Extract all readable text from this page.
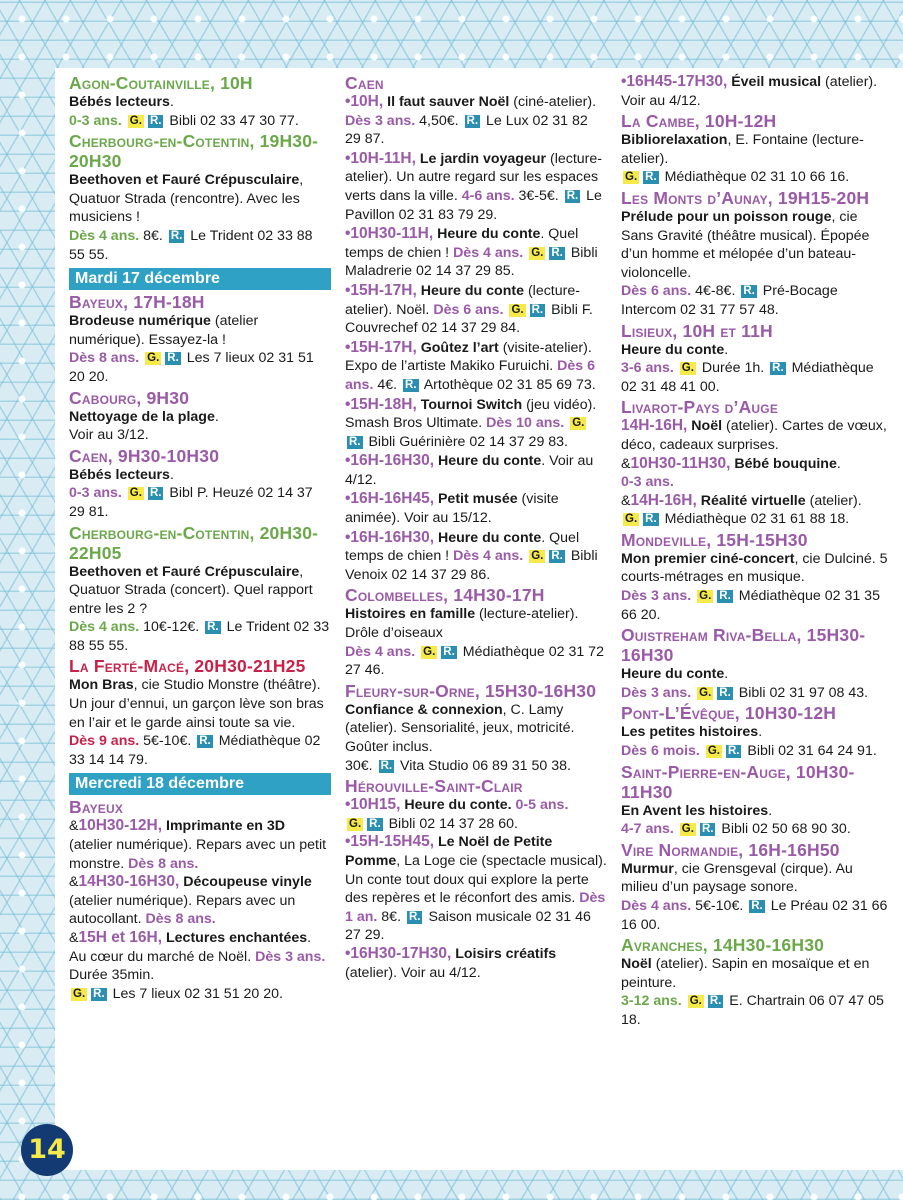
Agon-Coutainville, 10H
Bébés lecteurs.
0-3 ans. G. R. Bibli 02 33 47 30 77.
Cherbourg-en-Cotentin, 19H30-20H30
Beethoven et Fauré Crépusculaire, Quatuor Strada (rencontre). Avec les musiciens !
Dès 4 ans. 8€. R. Le Trident 02 33 88 55 55.
Mardi 17 décembre
Bayeux, 17H-18H
Brodeuse numérique (atelier numérique). Essayez-la !
Dès 8 ans. G. R. Les 7 lieux 02 31 51 20 20.
Cabourg, 9H30
Nettoyage de la plage.
Voir au 3/12.
Caen, 9H30-10H30
Bébés lecteurs.
0-3 ans. G. R. Bibl P. Heuzé 02 14 37 29 81.
Cherbourg-en-Cotentin, 20H30-22H05
Beethoven et Fauré Crépusculaire, Quatuor Strada (concert). Quel rapport entre les 2 ?
Dès 4 ans. 10€-12€. R. Le Trident 02 33 88 55 55.
La Ferté-Macé, 20H30-21H25
Mon Bras, cie Studio Monstre (théâtre). Un jour d’ennui, un garçon lève son bras en l’air et le garde ainsi toute sa vie.
Dès 9 ans. 5€-10€. R. Médiathèque 02 33 14 14 79.
Mercredi 18 décembre
Bayeux
&10H30-12H, Imprimante en 3D (atelier numérique). Repars avec un petit monstre. Dès 8 ans.
&14H30-16H30, Découpeuse vinyle (atelier numérique). Repars avec un autocollant. Dès 8 ans.
&15H et 16H, Lectures enchantées. Au cœur du marché de Noël. Dès 3 ans. Durée 35min.
G. R. Les 7 lieux 02 31 51 20 20.
Caen
•10H, Il faut sauver Noël (ciné-atelier). Dès 3 ans. 4,50€. R. Le Lux 02 31 82 29 87.
•10H-11H, Le jardin voyageur (lecture-atelier). Un autre regard sur les espaces verts dans la ville. 4-6 ans. 3€-5€. R. Le Pavillon 02 31 83 79 29.
•10H30-11H, Heure du conte. Quel temps de chien ! Dès 4 ans. G. R. Bibli Maladrerie 02 14 37 29 85.
•15H-17H, Heure du conte (lecture-atelier). Noël. Dès 6 ans. G. R. Bibli F. Couvrechef 02 14 37 29 84.
•15H-17H, Goûtez l’art (visite-atelier). Expo de l’artiste Makiko Furuichi. Dès 6 ans. 4€. R. Artothèque 02 31 85 69 73.
•15H-18H, Tournoi Switch (jeu vidéo). Smash Bros Ultimate. Dès 10 ans. G.R. Bibli Guérinière 02 14 37 29 83.
•16H-16H30, Heure du conte. Voir au 4/12.
•16H-16H45, Petit musée (visite animée). Voir au 15/12.
•16H-16H30, Heure du conte. Quel temps de chien ! Dès 4 ans. G. R. Bibli Venoix 02 14 37 29 86.
Colombelles, 14H30-17H
Histoires en famille (lecture-atelier). Drôle d’oiseaux
Dès 4 ans. G. R. Médiathèque 02 31 72 27 46.
Fleury-sur-Orne, 15H30-16H30
Confiance & connexion, C. Lamy (atelier). Sensorialité, jeux, motricité. Goûter inclus.
30€. R. Vita Studio 06 89 31 50 38.
Hérouville-Saint-Clair
•10H15, Heure du conte. 0-5 ans.
G. R. Bibli 02 14 37 28 60.
•15H-15H45, Le Noël de Petite Pomme, La Loge cie (spectacle musical). Un conte tout doux qui explore la perte des repères et le réconfort des amis. Dès 1 an. 8€. R. Saison musicale 02 31 46 27 29.
•16H30-17H30, Loisirs créatifs (atelier). Voir au 4/12.
•16H45-17H30, Éveil musical (atelier). Voir au 4/12.
La Cambe, 10H-12H
Bibliorelaxation, E. Fontaine (lecture-atelier).
G. R. Médiathèque 02 31 10 66 16.
Les Monts d’Aunay, 19H15-20H
Prélude pour un poisson rouge, cie Sans Gravité (théâtre musical). Épopée d’un homme et mélopée d’un bateau-violoncelle.
Dès 6 ans. 4€-8€. R. Pré-Bocage Intercom 02 31 77 57 48.
Lisieux, 10H et 11H
Heure du conte.
3-6 ans. G. Durée 1h. R. Médiathèque 02 31 48 41 00.
Livarot-Pays d’Auge
14H-16H, Noël (atelier). Cartes de vœux, déco, cadeaux surprises.
&10H30-11H30, Bébé bouquine.
0-3 ans.
&14H-16H, Réalité virtuelle (atelier).
G. R. Médiathèque 02 31 61 88 18.
Mondeville, 15H-15H30
Mon premier ciné-concert, cie Dulciné. 5 courts-métrages en musique.
Dès 3 ans. G. R. Médiathèque 02 31 35 66 20.
Ouistreham Riva-Bella, 15H30-16H30
Heure du conte.
Dès 3 ans. G. R. Bibli 02 31 97 08 43.
Pont-L’Évêque, 10H30-12H
Les petites histoires.
Dès 6 mois. G. R. Bibli 02 31 64 24 91.
Saint-Pierre-en-Auge, 10H30-11H30
En Avent les histoires.
4-7 ans. G. R. Bibli 02 50 68 90 30.
Vire Normandie, 16H-16H50
Murmur, cie Grensgeval (cirque). Au milieu d’un paysage sonore.
Dès 4 ans. 5€-10€. R. Le Préau 02 31 66 16 00.
Avranches, 14H30-16H30
Noël (atelier). Sapin en mosaïque et en peinture.
3-12 ans. G. R. E. Chartrain 06 07 47 05 18.
14
